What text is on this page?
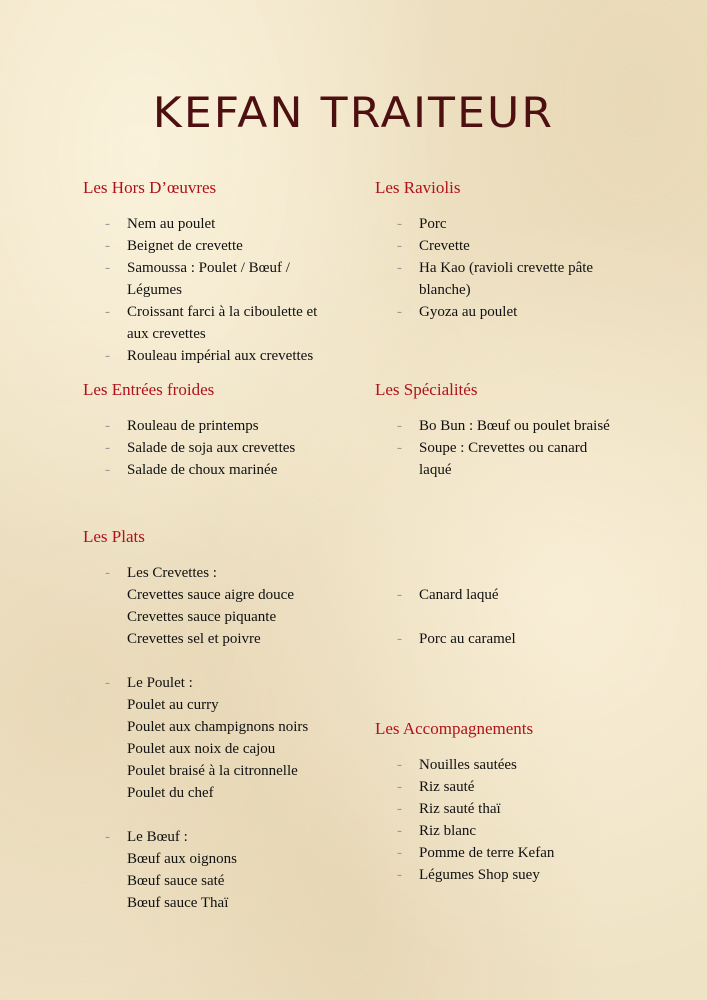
KEFAN TRAITEUR
Les Hors D’œuvres
- Nem au poulet
- Beignet de crevette
- Samoussa : Poulet / Bœuf / Légumes
- Croissant farci à la ciboulette et aux crevettes
- Rouleau impérial aux crevettes
Les Raviolis
- Porc
- Crevette
- Ha Kao (ravioli crevette pâte blanche)
- Gyoza au poulet
Les Entrées froides
- Rouleau de printemps
- Salade de soja aux crevettes
- Salade de choux marinée
Les Spécialités
- Bo Bun : Bœuf ou poulet braisé
- Soupe : Crevettes ou canard laqué
Les Plats
- Les Crevettes :
Crevettes sauce aigre douce
Crevettes sauce piquante
Crevettes sel et poivre
- Le Poulet :
Poulet au curry
Poulet aux champignons noirs
Poulet aux noix de cajou
Poulet braisé à la citronnelle
Poulet du chef
- Le Bœuf :
Bœuf aux oignons
Bœuf sauce saté
Bœuf sauce Thaï
- Canard laqué
- Porc au caramel
Les Accompagnements
- Nouilles sautées
- Riz sauté
- Riz sauté thaï
- Riz blanc
- Pomme de terre Kefan
- Légumes Shop suey
